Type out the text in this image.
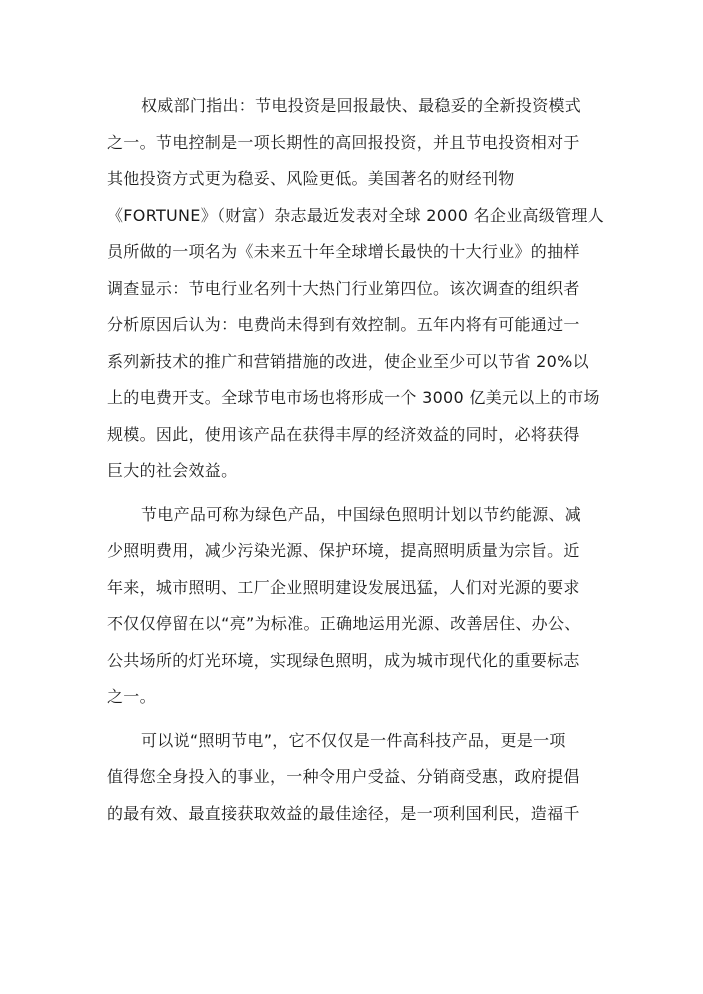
权威部门指出：节电投资是回报最快、最稳妥的全新投资模式
之一。节电控制是一项长期性的高回报投资，并且节电投资相对于
其他投资方式更为稳妥、风险更低。美国著名的财经刊物
《FORTUNE》（财富）杂志最近发表对全球 2000 名企业高级管理人
员所做的一项名为《未来五十年全球增长最快的十大行业》的抽样
调查显示：节电行业名列十大热门行业第四位。该次调查的组织者
分析原因后认为：电费尚未得到有效控制。五年内将有可能通过一
系列新技术的推广和营销措施的改进，使企业至少可以节省 20%以
上的电费开支。全球节电市场也将形成一个 3000 亿美元以上的市场
规模。因此，使用该产品在获得丰厚的经济效益的同时，必将获得
巨大的社会效益。
节电产品可称为绿色产品，中国绿色照明计划以节约能源、减
少照明费用，减少污染光源、保护环境，提高照明质量为宗旨。近
年来，城市照明、工厂企业照明建设发展迅猛，人们对光源的要求
不仅仅停留在以“亮”为标准。正确地运用光源、改善居住、办公、
公共场所的灯光环境，实现绿色照明，成为城市现代化的重要标志
之一。
可以说“照明节电”，它不仅仅是一件高科技产品，更是一项
值得您全身投入的事业，一种令用户受益、分销商受惠，政府提倡
的最有效、最直接获取效益的最佳途径，是一项利国利民，造福千
